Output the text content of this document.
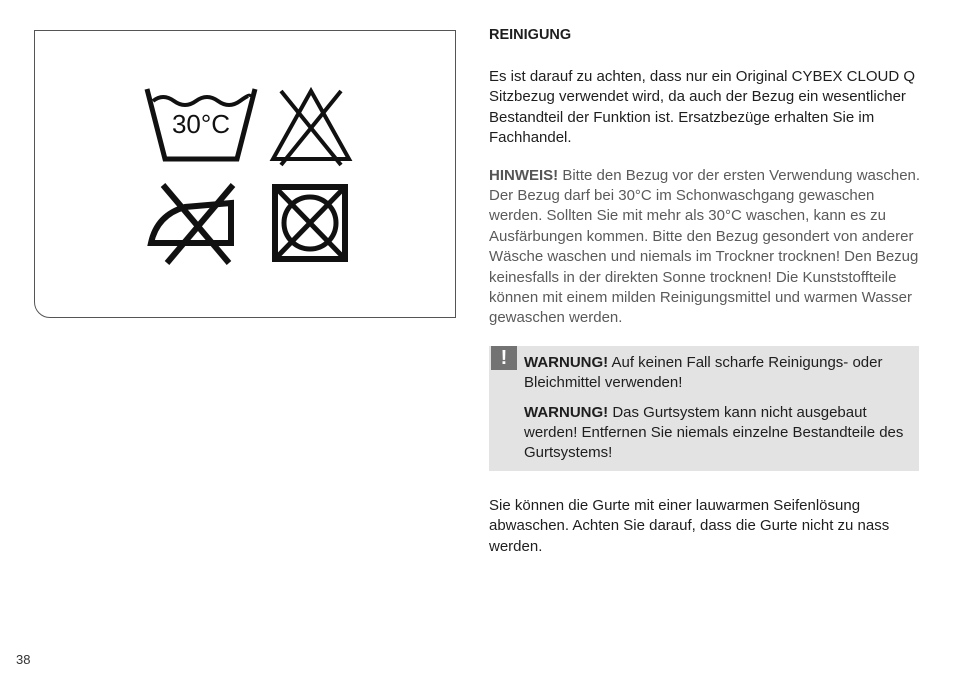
30°C
REINIGUNG

Es ist darauf zu achten, dass nur ein Original CYBEX CLOUD Q Sitzbezug verwendet wird, da auch der Bezug ein wesentlicher Bestandteil der Funktion ist. Ersatzbezüge erhalten Sie im Fachhandel.

HINWEIS! Bitte den Bezug vor der ersten Verwendung waschen. Der Bezug darf bei 30°C im Schonwaschgang gewaschen werden. Sollten Sie mit mehr als 30°C waschen, kann es zu Ausfärbungen kommen. Bitte den Bezug gesondert von anderer Wäsche waschen und niemals im Trockner trocknen! Den Bezug keinesfalls in der direkten Sonne trocknen! Die Kunststoffteile können mit einem milden Reinigungsmittel und warmen Wasser gewaschen werden.

!	WARNUNG! Auf keinen Fall scharfe Reinigungs- oder Bleichmittel verwenden!

WARNUNG! Das Gurtsystem kann nicht ausgebaut werden! Entfernen Sie niemals einzelne Bestandteile des Gurtsystems!

Sie können die Gurte mit einer lauwarmen Seifenlösung abwaschen. Achten Sie darauf, dass die Gurte nicht zu nass werden.

38
